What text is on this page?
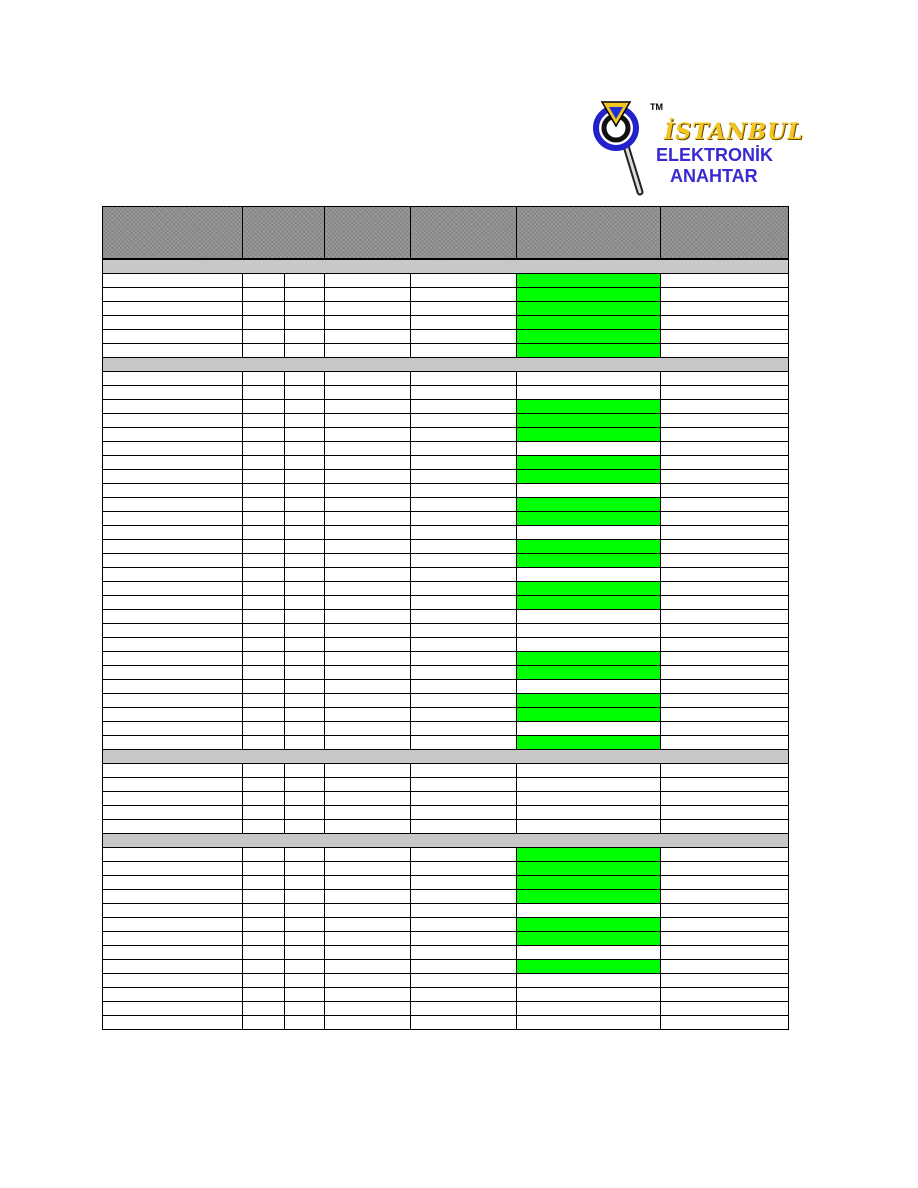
TM
İSTANBUL
ELEKTRONİK
ANAHTAR
